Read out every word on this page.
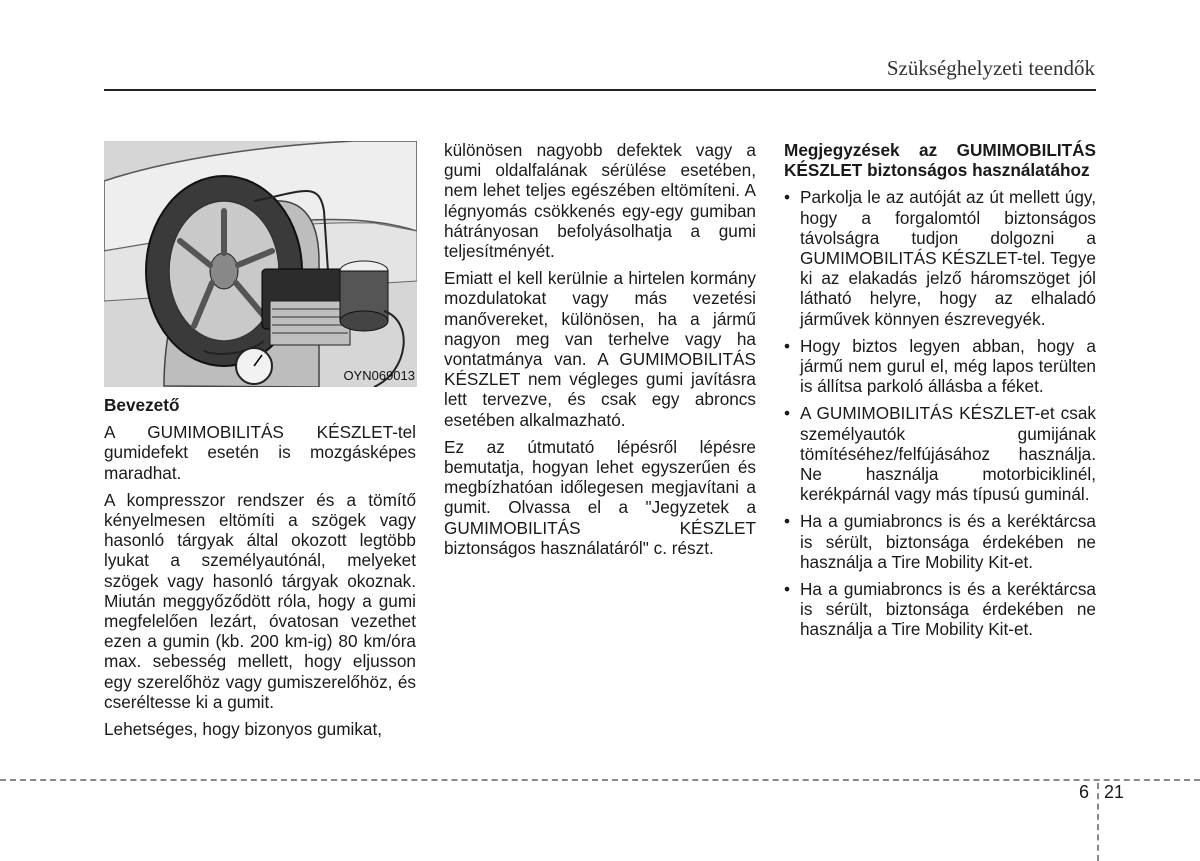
Szükséghelyzeti teendők
OYN069013

Bevezető

A GUMIMOBILITÁS KÉSZLET-tel gumidefekt esetén is mozgásképes maradhat.

A kompresszor rendszer és a tömítő kényelmesen eltömíti a szögek vagy hasonló tárgyak által okozott legtöbb lyukat a személyautónál, melyeket szögek vagy hasonló tárgyak okoznak. Miután meggyőződött róla, hogy a gumi megfelelően lezárt, óvatosan vezethet ezen a gumin (kb. 200 km-ig) 80 km/óra max. sebesség mellett, hogy eljusson egy szerelőhöz vagy gumiszerelőhöz, és cseréltesse ki a gumit.

Lehetséges, hogy bizonyos gumikat,

különösen nagyobb defektek vagy a gumi oldalfalának sérülése esetében, nem lehet teljes egészében eltömíteni. A légnyomás csökkenés egy-egy gumiban hátrányosan befolyásolhatja a gumi teljesítményét.

Emiatt el kell kerülnie a hirtelen kormány mozdulatokat vagy más vezetési manővereket, különösen, ha a jármű nagyon meg van terhelve vagy ha vontatmánya van. A GUMIMOBILITÁS KÉSZLET nem végleges gumi javításra lett tervezve, és csak egy abroncs esetében alkalmazható.

Ez az útmutató lépésről lépésre bemutatja, hogyan lehet egyszerűen és megbízhatóan időlegesen megjavítani a gumit. Olvassa el a "Jegyzetek a GUMIMOBILITÁS KÉSZLET biztonságos használatáról" c. részt.

Megjegyzések az GUMIMOBILITÁS KÉSZLET biztonságos használatához

• Parkolja le az autóját az út mellett úgy, hogy a forgalomtól biztonságos távolságra tudjon dolgozni a GUMIMOBILITÁS KÉSZLET-tel. Tegye ki az elakadás jelző háromszöget jól látható helyre, hogy az elhaladó járművek könnyen észrevegyék.
• Hogy biztos legyen abban, hogy a jármű nem gurul el, még lapos terülten is állítsa parkoló állásba a féket.
• A GUMIMOBILITÁS KÉSZLET-et csak személyautók gumijának tömítéséhez/felfújásához használja. Ne használja motorbiciklinél, kerékpárnál vagy más típusú guminál.
• Ha a gumiabroncs is és a keréktárcsa is sérült, biztonsága érdekében ne használja a Tire Mobility Kit-et.
• Ha a gumiabroncs is és a keréktárcsa is sérült, biztonsága érdekében ne használja a Tire Mobility Kit-et.
6 21
